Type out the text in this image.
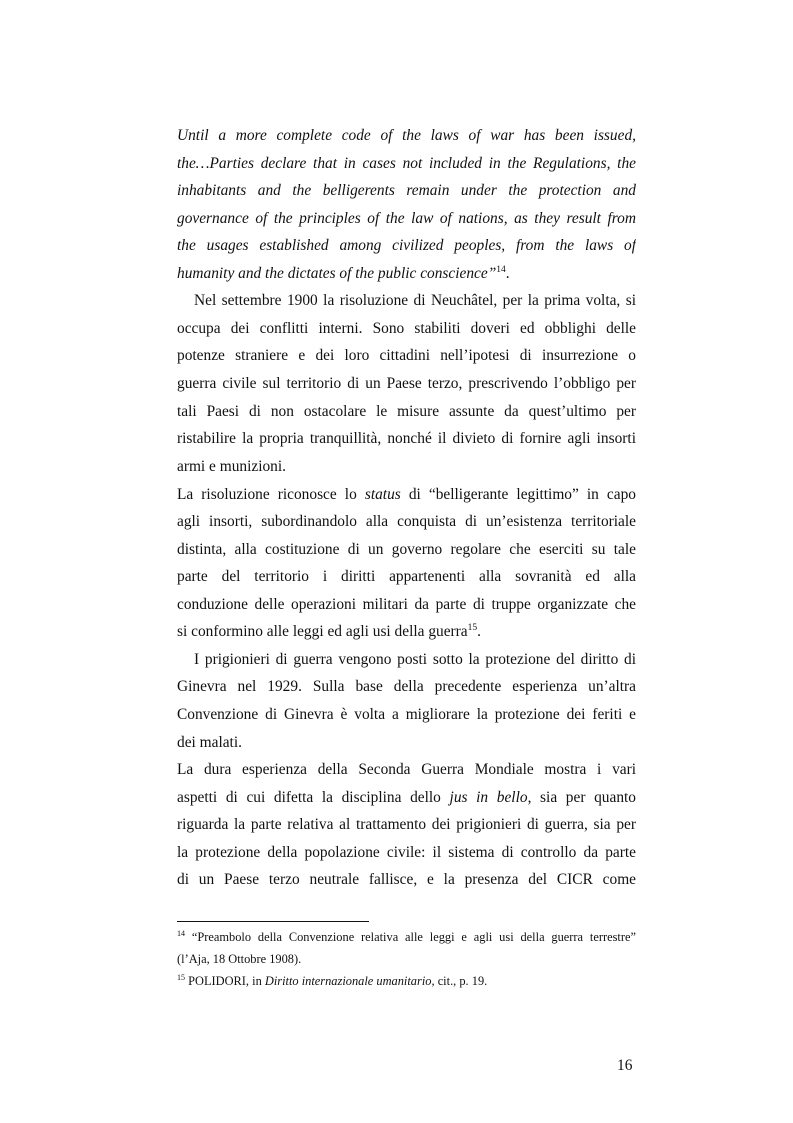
Until a more complete code of the laws of war has been issued,
the…Parties declare that in cases not included in the Regulations, the
inhabitants and the belligerents remain under the protection and
governance of the principles of the law of nations, as they result from
the usages established among civilized peoples, from the laws of
humanity and the dictates of the public conscience”$^{14}$.
Nel settembre 1900 la risoluzione di Neuchâtel, per la prima volta, si
occupa dei conflitti interni. Sono stabiliti doveri ed obblighi delle
potenze straniere e dei loro cittadini nell’ipotesi di insurrezione o
guerra civile sul territorio di un Paese terzo, prescrivendo l’obbligo per
tali Paesi di non ostacolare le misure assunte da quest’ultimo per
ristabilire la propria tranquillità, nonché il divieto di fornire agli insorti
armi e munizioni.
La risoluzione riconosce lo status di “belligerante legittimo” in capo
agli insorti, subordinandolo alla conquista di un’esistenza territoriale
distinta, alla costituzione di un governo regolare che eserciti su tale
parte del territorio i diritti appartenenti alla sovranità ed alla
conduzione delle operazioni militari da parte di truppe organizzate che
si conformino alle leggi ed agli usi della guerra$^{15}$.
I prigionieri di guerra vengono posti sotto la protezione del diritto di
Ginevra nel 1929. Sulla base della precedente esperienza un’altra
Convenzione di Ginevra è volta a migliorare la protezione dei feriti e
dei malati.
La dura esperienza della Seconda Guerra Mondiale mostra i vari
aspetti di cui difetta la disciplina dello jus in bello, sia per quanto
riguarda la parte relativa al trattamento dei prigionieri di guerra, sia per
la protezione della popolazione civile: il sistema di controllo da parte
di un Paese terzo neutrale fallisce, e la presenza del CICR come
$^{14}$ “Preambolo della Convenzione relativa alle leggi e agli usi della guerra terrestre”
(l’Aja, 18 Ottobre 1908).
$^{15}$ POLIDORI, in Diritto internazionale umanitario, cit., p. 19.
16
